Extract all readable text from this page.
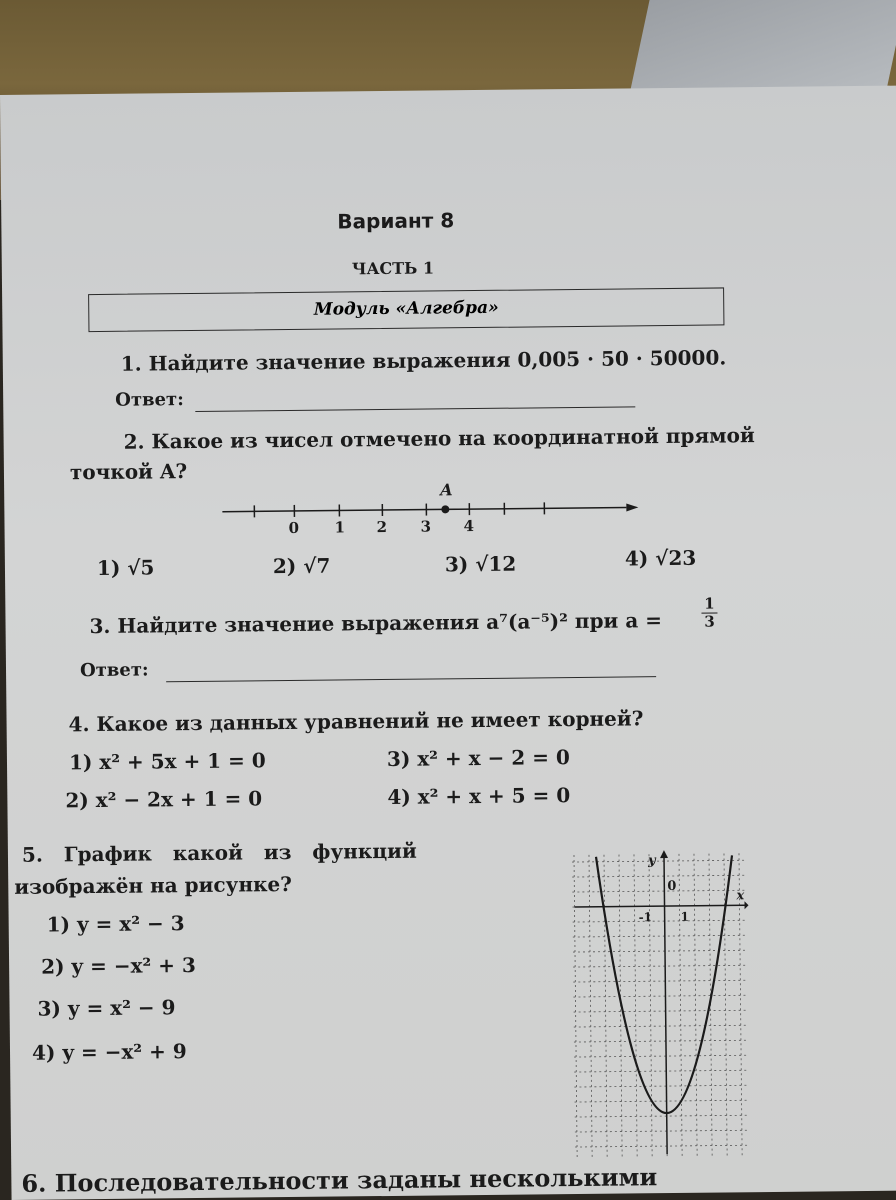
Вариант 8
ЧАСТЬ 1
Модуль «Алгебра»
1. Найдите значение выражения 0,005 · 50 · 50000.
Ответ:
2. Какое из чисел отмечено на координатной прямой
точкой A?
A
0 1 2 3 4
1) √5	2) √7	3) √12	4) √23
3. Найдите значение выражения a⁷(a⁻⁵)² при a =	$\frac{1}{3}$
Ответ:
4. Какое из данных уравнений не имеет корней?
1) x² + 5x + 1 = 0
2) x² − 2x + 1 = 0
3) x² + x − 2 = 0
4) x² + x + 5 = 0
5. График какой из функций
изображён на рисунке?
1) y = x² − 3
2) y = −x² + 3
3) y = x² − 9
4) y = −x² + 9
y
x
0
-1 1
6. Последовательности заданы несколькими
